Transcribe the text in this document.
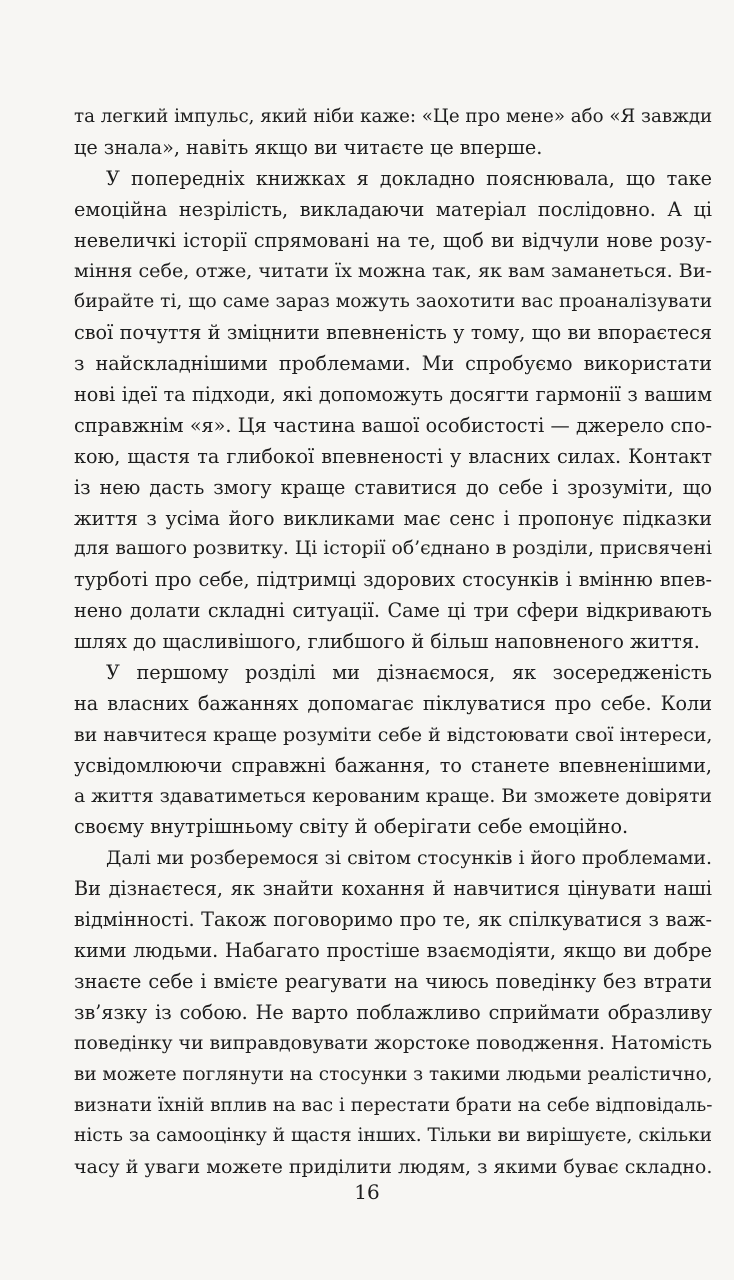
та легкий імпульс, який ніби каже: «Це про мене» або «Я завжди
це знала», навіть якщо ви читаєте це вперше.
У попередніх книжках я докладно пояснювала, що таке
емоційна незрілість, викладаючи матеріал послідовно. А ці
невеличкі історії спрямовані на те, щоб ви відчули нове розу-
міння себе, отже, читати їх можна так, як вам заманеться. Ви-
бирайте ті, що саме зараз можуть заохотити вас проаналізувати
свої почуття й зміцнити впевненість у тому, що ви впораєтеся
з найскладнішими проблемами. Ми спробуємо використати
нові ідеї та підходи, які допоможуть досягти гармонії з вашим
справжнім «я». Ця частина вашої особистості — джерело спо-
кою, щастя та глибокої впевненості у власних силах. Контакт
із нею дасть змогу краще ставитися до себе і зрозуміти, що
життя з усіма його викликами має сенс і пропонує підказки
для вашого розвитку. Ці історії об’єднано в розділи, присвячені
турботі про себе, підтримці здорових стосунків і вмінню впев-
нено долати складні ситуації. Саме ці три сфери відкривають
шлях до щасливішого, глибшого й більш наповненого життя.
У першому розділі ми дізнаємося, як зосередженість
на власних бажаннях допомагає піклуватися про себе. Коли
ви навчитеся краще розуміти себе й відстоювати свої інтереси,
усвідомлюючи справжні бажання, то станете впевненішими,
а життя здаватиметься керованим краще. Ви зможете довіряти
своєму внутрішньому світу й оберігати себе емоційно.
Далі ми розберемося зі світом стосунків і його проблемами.
Ви дізнаєтеся, як знайти кохання й навчитися цінувати наші
відмінності. Також поговоримо про те, як спілкуватися з важ-
кими людьми. Набагато простіше взаємодіяти, якщо ви добре
знаєте себе і вмієте реагувати на чиюсь поведінку без втрати
зв’язку із собою. Не варто поблажливо сприймати образливу
поведінку чи виправдовувати жорстоке поводження. Натомість
ви можете поглянути на стосунки з такими людьми реалістично,
визнати їхній вплив на вас і перестати брати на себе відповідаль-
ність за самооцінку й щастя інших. Тільки ви вирішуєте, скільки
часу й уваги можете приділити людям, з якими буває складно.
16
